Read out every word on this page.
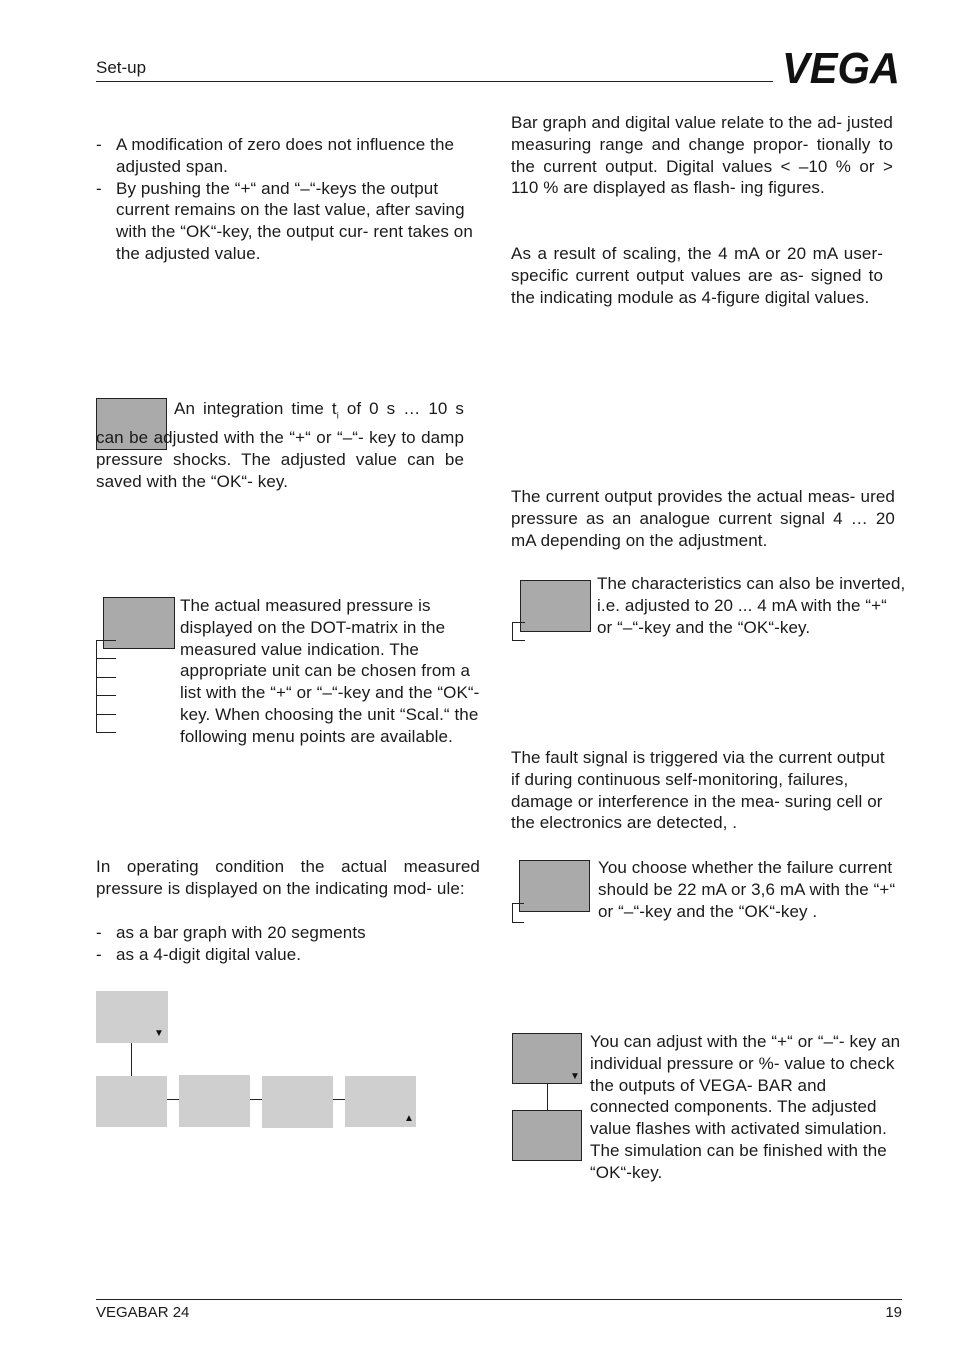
Set-up	VEGA
- A modification of zero does not influence the adjusted span.
- By pushing the “+“ and “–“-keys the output current remains on the last value, after saving with the “OK“-key, the output cur- rent takes on the adjusted value.
An integration time $t_i$ of 0 s … 10 s can be adjusted with the “+“ or “–“- key to damp pressure shocks. The adjusted value can be saved with the “OK“- key.
The actual measured pressure is displayed on the DOT-matrix in the measured value indication. The appropriate unit can be chosen from a list with the “+“ or “–“-key and the “OK“-key. When choosing the unit “Scal.“ the following menu points are available.
In operating condition the actual measured pressure is displayed on the indicating mod- ule:
- as a bar graph with 20 segments
- as a 4-digit digital value.
▼
▲
Bar graph and digital value relate to the ad- justed measuring range and change propor- tionally to the current output. Digital values < –10 % or > 110 % are displayed as flash- ing figures.
As a result of scaling, the 4 mA or 20 mA user-specific current output values are as- signed to the indicating module as 4-figure digital values.
The current output provides the actual meas- ured pressure as an analogue current signal 4 … 20 mA depending on the adjustment.
The characteristics can also be inverted, i.e. adjusted to 20 ... 4 mA with the “+“ or “–“-key and the “OK“-key.
The fault signal is triggered via the current output if during continuous self-monitoring, failures, damage or interference in the mea- suring cell or the electronics are detected, .
You choose whether the failure current should be 22 mA or 3,6 mA with the “+“ or “–“-key and the “OK“-key .
▼
You can adjust with the “+“ or “–“- key an individual pressure or %- value to check the outputs of VEGA- BAR and connected components. The adjusted value flashes with activated simulation. The simulation can be finished with the “OK“-key.
VEGABAR 24	19
